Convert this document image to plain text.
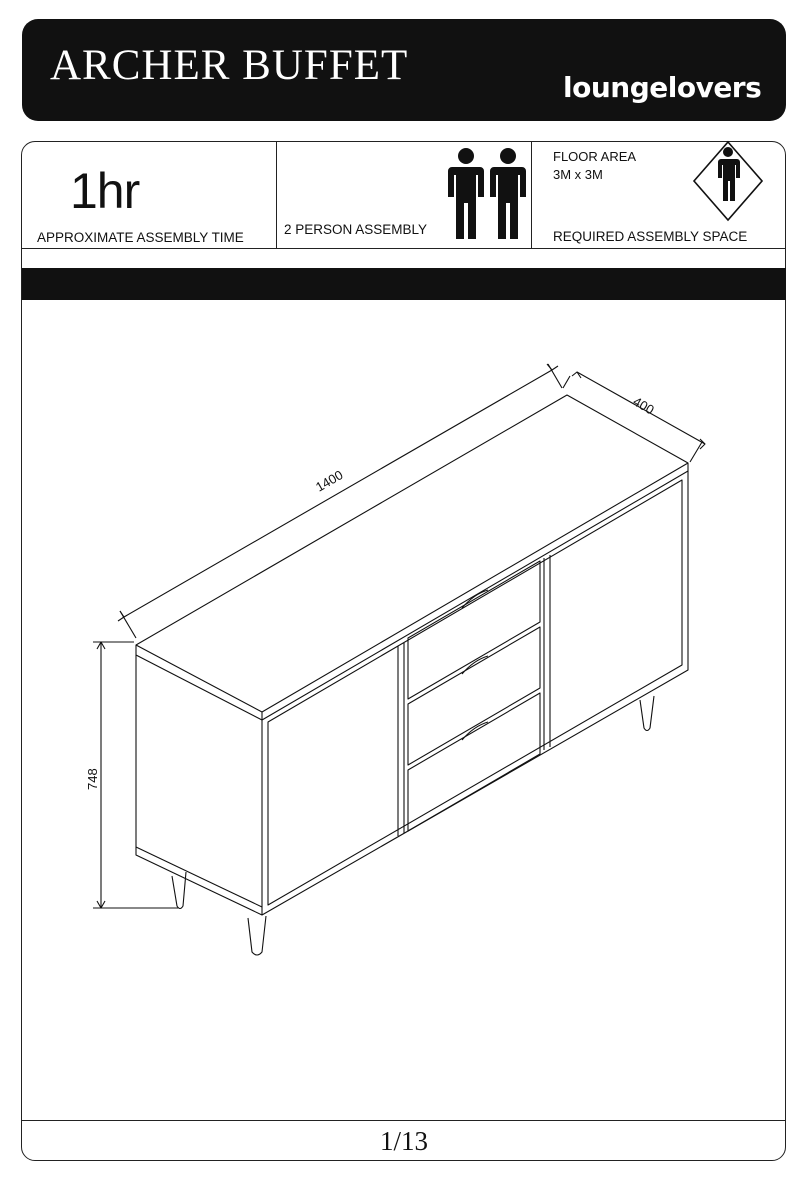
ARCHER BUFFET	loungelovers
1hr
APPROXIMATE ASSEMBLY TIME
2 PERSON ASSEMBLY
FLOOR AREA
3M x 3M
REQUIRED ASSEMBLY SPACE
1400
400
748
1/13
